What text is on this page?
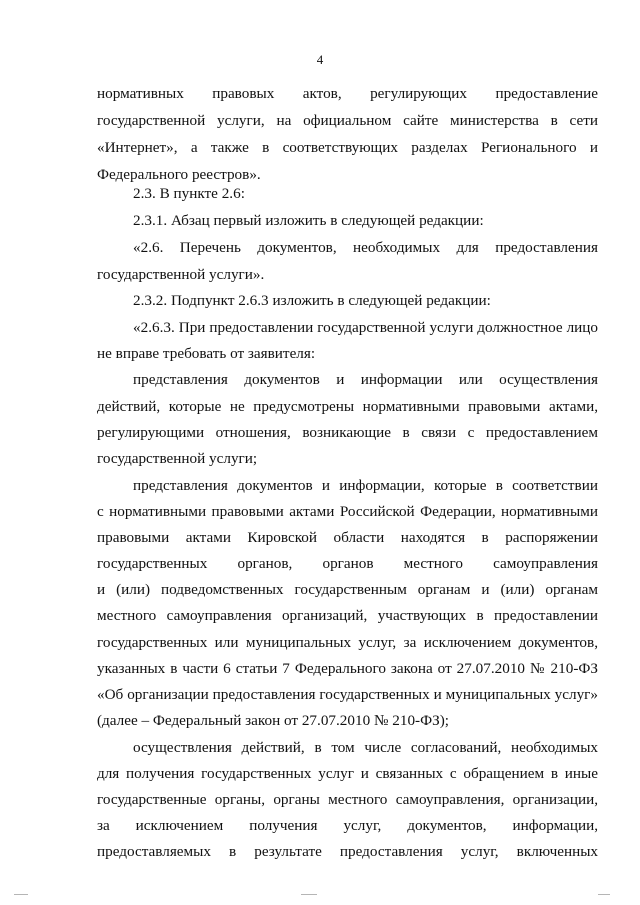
4
нормативных правовых актов, регулирующих предоставление
государственной услуги, на официальном сайте министерства в сети
«Интернет», а также в соответствующих разделах Регионального и
Федерального реестров».
2.3. В пункте 2.6:
2.3.1. Абзац первый изложить в следующей редакции:
«2.6. Перечень документов, необходимых для предоставления
государственной услуги».
2.3.2. Подпункт 2.6.3 изложить в следующей редакции:
«2.6.3. При предоставлении государственной услуги должностное лицо
не вправе требовать от заявителя:
представления документов и информации или осуществления
действий, которые не предусмотрены нормативными правовыми актами,
регулирующими отношения, возникающие в связи с предоставлением
государственной услуги;
представления документов и информации, которые в соответствии
с нормативными правовыми актами Российской Федерации, нормативными
правовыми актами Кировской области находятся в распоряжении
государственных органов, органов местного самоуправления
и (или) подведомственных государственным органам и (или) органам
местного самоуправления организаций, участвующих в предоставлении
государственных или муниципальных услуг, за исключением документов,
указанных в части 6 статьи 7 Федерального закона от 27.07.2010 № 210-ФЗ
«Об организации предоставления государственных и муниципальных услуг»
(далее – Федеральный закон от 27.07.2010 № 210-ФЗ);
осуществления действий, в том числе согласований, необходимых
для получения государственных услуг и связанных с обращением в иные
государственные органы, органы местного самоуправления, организации,
за исключением получения услуг, документов, информации,
предоставляемых в результате предоставления услуг, включенных
